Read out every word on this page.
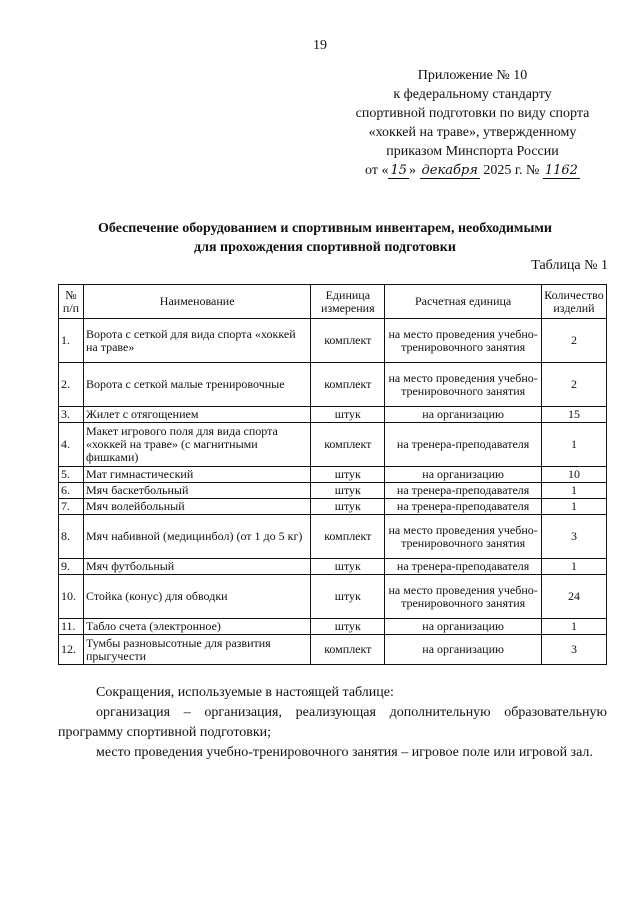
19
Приложение № 10
к федеральному стандарту
спортивной подготовки по виду спорта
«хоккей на траве», утвержденному
приказом Минспорта России
от « 15 » декабря 2025 г. № 1162
Обеспечение оборудованием и спортивным инвентарем, необходимыми
для прохождения спортивной подготовки
Таблица № 1
№ п/п	Наименование	Единица измерения	Расчетная единица	Количество изделий
1.	Ворота с сеткой для вида спорта «хоккей на траве»	комплект	на место проведения учебно-тренировочного занятия	2
2.	Ворота с сеткой малые тренировочные	комплект	на место проведения учебно-тренировочного занятия	2
3.	Жилет с отягощением	штук	на организацию	15
4.	Макет игрового поля для вида спорта «хоккей на траве» (с магнитными фишками)	комплект	на тренера-преподавателя	1
5.	Мат гимнастический	штук	на организацию	10
6.	Мяч баскетбольный	штук	на тренера-преподавателя	1
7.	Мяч волейбольный	штук	на тренера-преподавателя	1
8.	Мяч набивной (медицинбол) (от 1 до 5 кг)	комплект	на место проведения учебно-тренировочного занятия	3
9.	Мяч футбольный	штук	на тренера-преподавателя	1
10.	Стойка (конус) для обводки	штук	на место проведения учебно-тренировочного занятия	24
11.	Табло счета (электронное)	штук	на организацию	1
12.	Тумбы разновысотные для развития прыгучести	комплект	на организацию	3

Сокращения, используемые в настоящей таблице:

организация – организация, реализующая дополнительную образовательную программу спортивной подготовки;

место проведения учебно-тренировочного занятия – игровое поле или игровой зал.
